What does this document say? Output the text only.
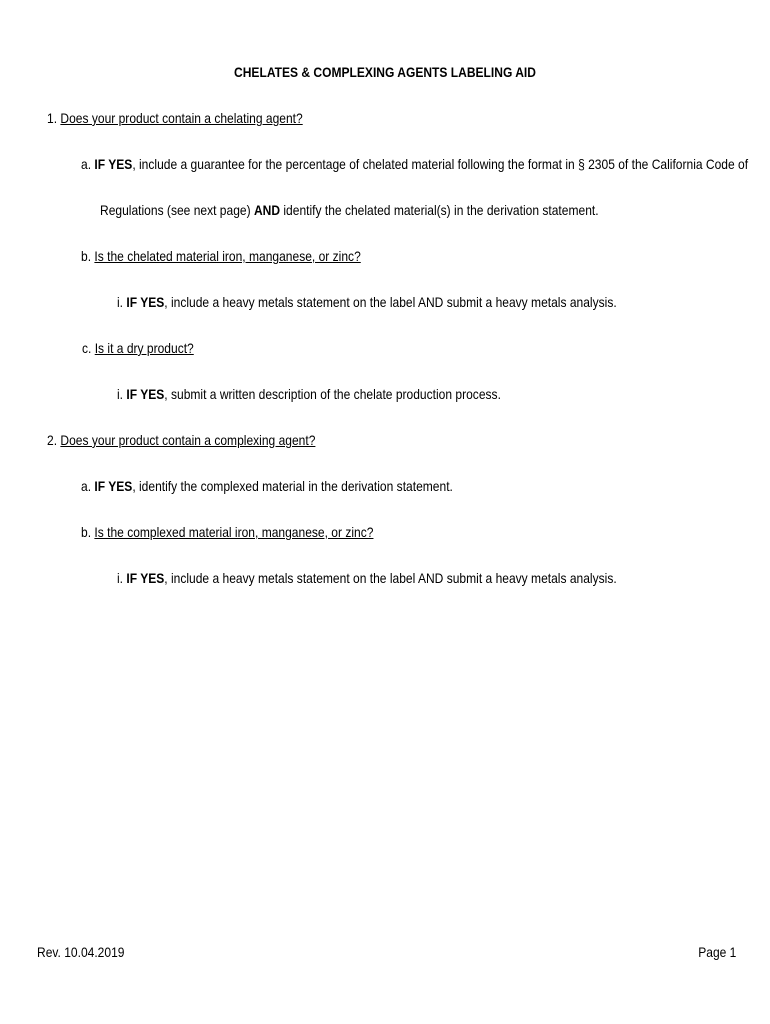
CHELATES & COMPLEXING AGENTS LABELING AID
1. Does your product contain a chelating agent?
a. IF YES, include a guarantee for the percentage of chelated material following the format in § 2305 of the California Code of
Regulations (see next page) AND identify the chelated material(s) in the derivation statement.
b. Is the chelated material iron, manganese, or zinc?
i. IF YES, include a heavy metals statement on the label AND submit a heavy metals analysis.
c. Is it a dry product?
i. IF YES, submit a written description of the chelate production process.
2. Does your product contain a complexing agent?
a. IF YES, identify the complexed material in the derivation statement.
b. Is the complexed material iron, manganese, or zinc?
i. IF YES, include a heavy metals statement on the label AND submit a heavy metals analysis.
Rev. 10.04.2019	Page 1
